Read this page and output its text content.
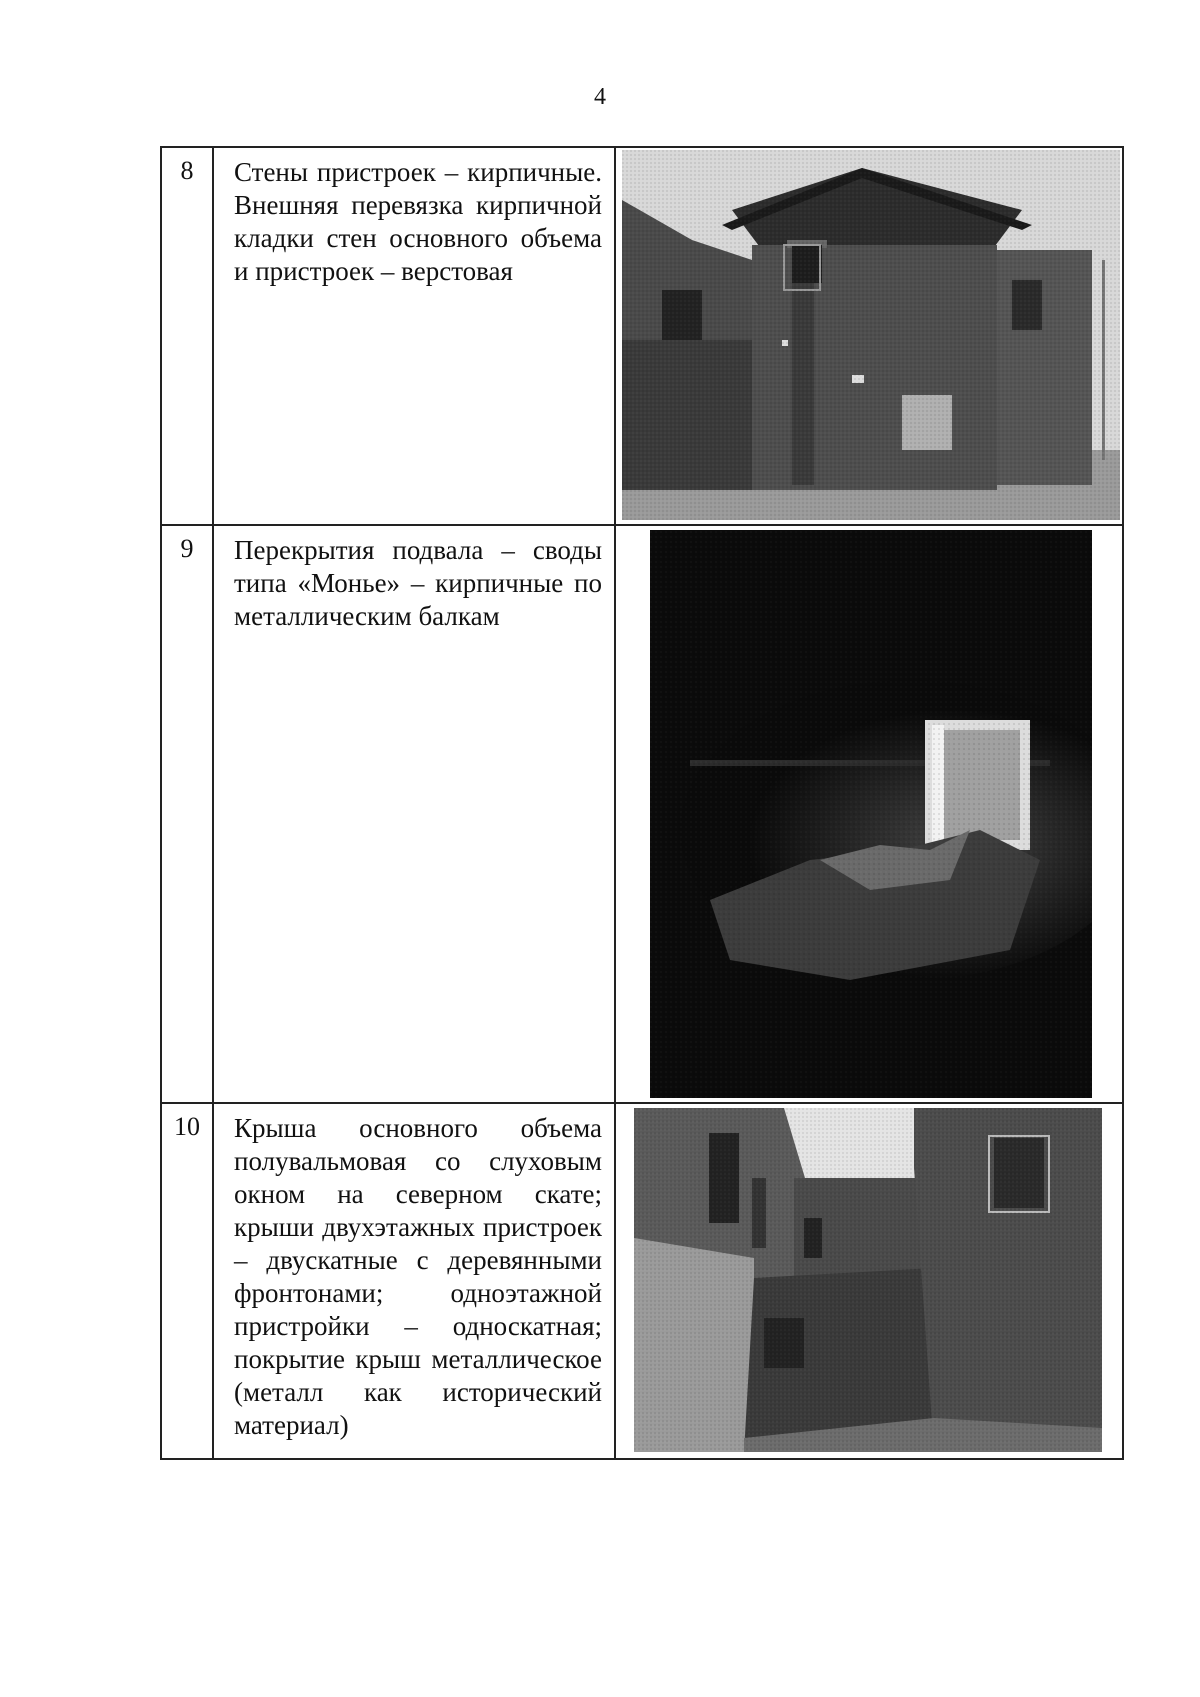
4
8	Стены пристроек – кирпичные. Внешняя перевязка кирпичной кладки стен основного объема и пристроек – верстовая
9	Перекрытия подвала – своды типа «Монье» – кирпичные по металлическим балкам
10	Крыша основного объема полувальмовая со слуховым окном на северном скате; крыши двухэтажных пристроек – двускатные с деревянными фронтонами; одноэтажной пристройки – односкатная; покрытие крыш металлическое (металл как исторический материал)
